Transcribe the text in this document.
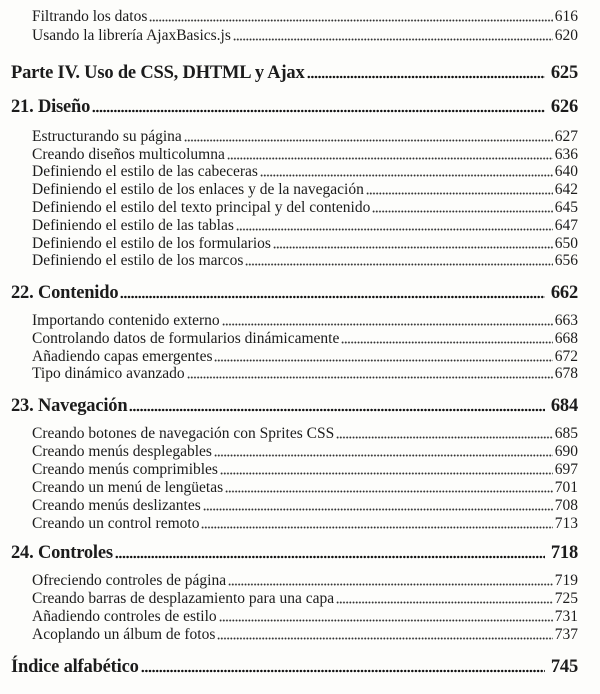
Filtrando los datos	616
Usando la librería AjaxBasics.js	620
Parte IV. Uso de CSS, DHTML y Ajax	625
21. Diseño	626
Estructurando su página	627
Creando diseños multicolumna	636
Definiendo el estilo de las cabeceras	640
Definiendo el estilo de los enlaces y de la navegación	642
Definiendo el estilo del texto principal y del contenido	645
Definiendo el estilo de las tablas	647
Definiendo el estilo de los formularios	650
Definiendo el estilo de los marcos	656
22. Contenido	662
Importando contenido externo	663
Controlando datos de formularios dinámicamente	668
Añadiendo capas emergentes	672
Tipo dinámico avanzado	678
23. Navegación	684
Creando botones de navegación con Sprites CSS	685
Creando menús desplegables	690
Creando menús comprimibles	697
Creando un menú de lengüetas	701
Creando menús deslizantes	708
Creando un control remoto	713
24. Controles	718
Ofreciendo controles de página	719
Creando barras de desplazamiento para una capa	725
Añadiendo controles de estilo	731
Acoplando un álbum de fotos	737
Índice alfabético	745
